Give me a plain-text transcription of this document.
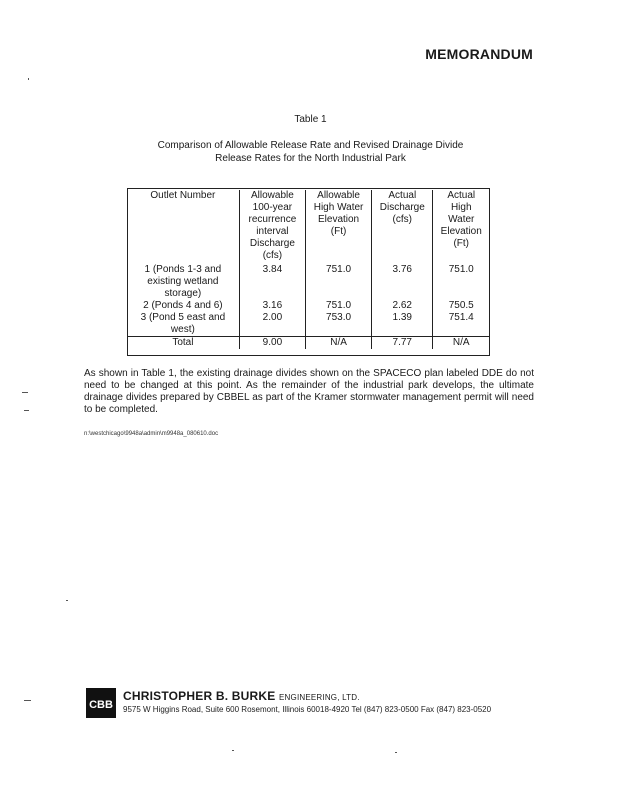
MEMORANDUM
Table 1
Comparison of Allowable Release Rate and Revised Drainage Divide
Release Rates for the North Industrial Park
Outlet Number	Allowable 100-year recurrence interval Discharge (cfs)	Allowable High Water Elevation (Ft)	Actual Discharge (cfs)	Actual High Water Elevation (Ft)
1 (Ponds 1-3 and existing wetland storage)	3.84	751.0	3.76	751.0
2 (Ponds 4 and 6)	3.16	751.0	2.62	750.5
3 (Pond 5 east and west)	2.00	753.0	1.39	751.4
Total	9.00	N/A	7.77	N/A
As shown in Table 1, the existing drainage divides shown on the SPACECO plan labeled DDE do not need to be changed at this point. As the remainder of the industrial park develops, the ultimate drainage divides prepared by CBBEL as part of the Kramer stormwater management permit will need to be completed.
n:\westchicago\9948a\admin\m9948a_080610.doc
CBB
CHRISTOPHER B. BURKE ENGINEERING, LTD.
9575 W Higgins Road, Suite 600 Rosemont, Illinois 60018-4920 Tel (847) 823-0500 Fax (847) 823-0520
